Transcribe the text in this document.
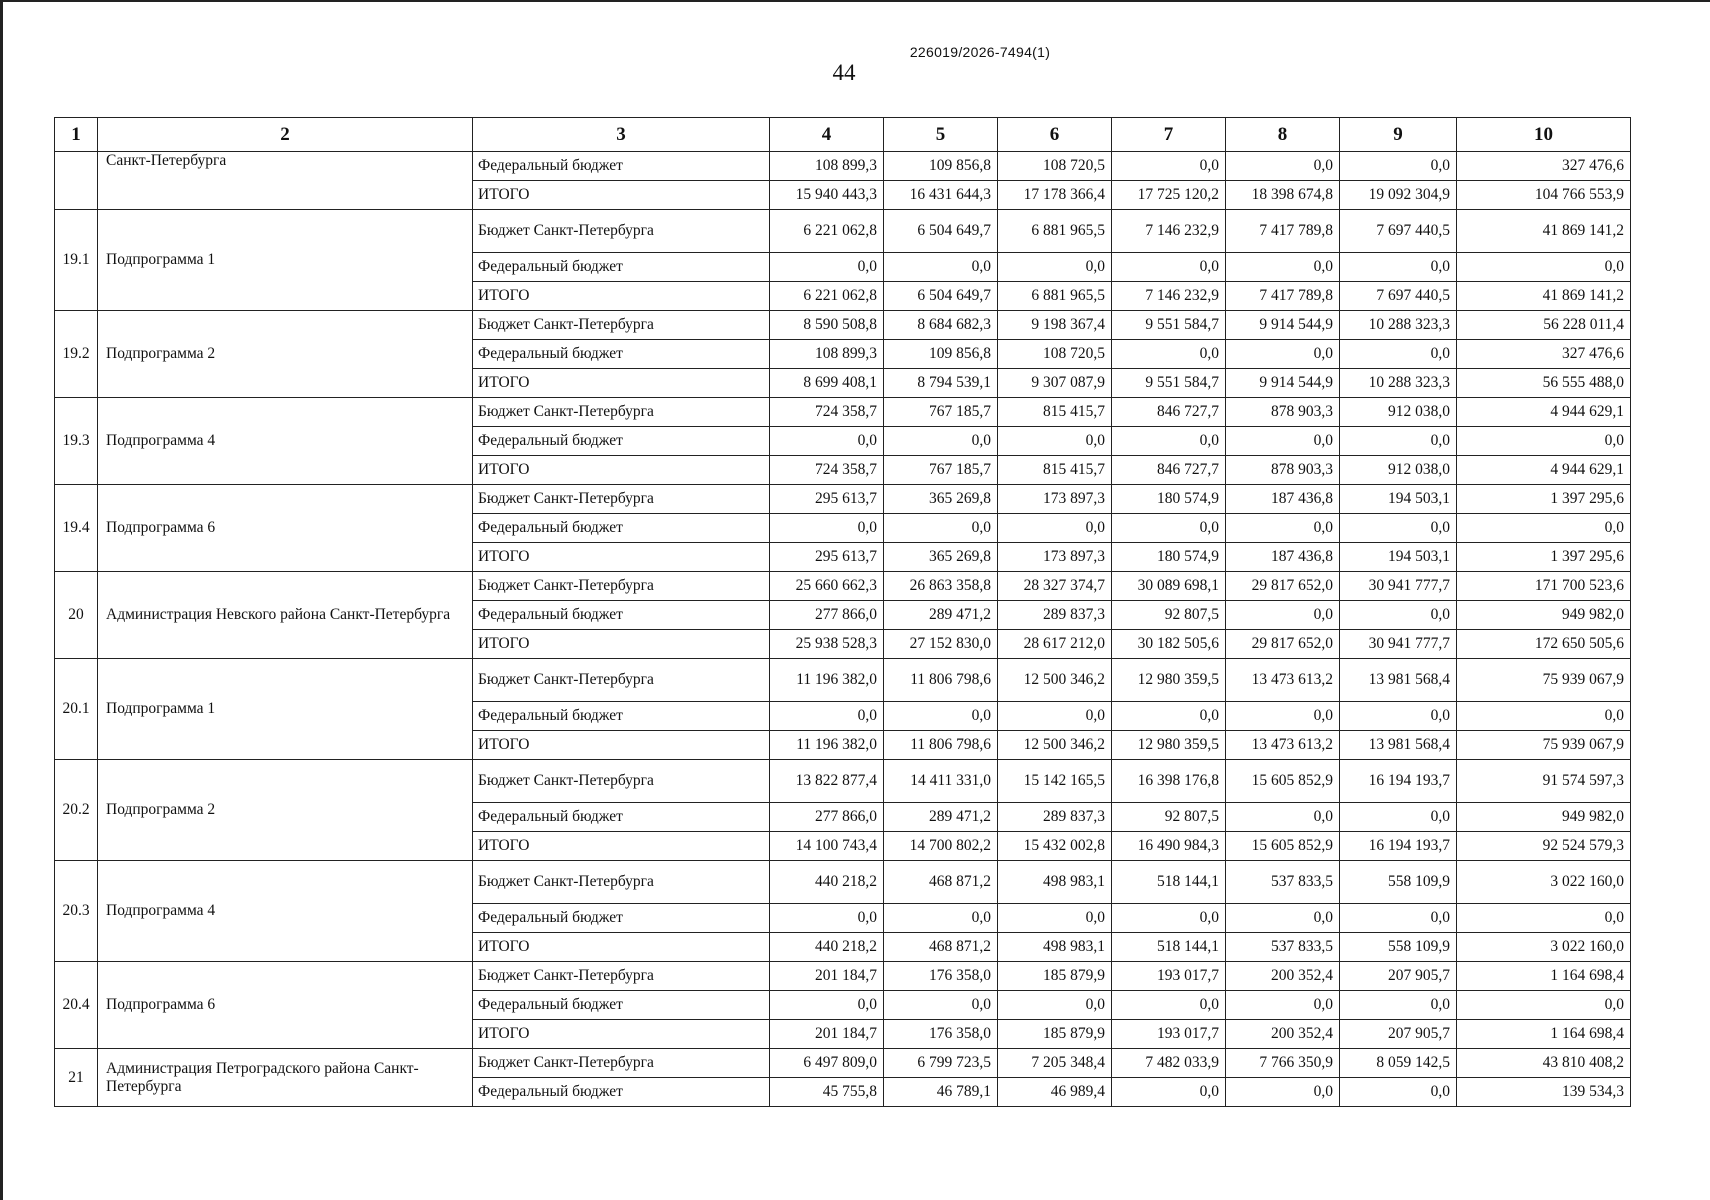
226019/2026-7494(1)
44
1	2	3	4	5	6	7	8	9	10
	Санкт-Петербурга	Федеральный бюджет	108 899,3	109 856,8	108 720,5	0,0	0,0	0,0	327 476,6
		ИТОГО	15 940 443,3	16 431 644,3	17 178 366,4	17 725 120,2	18 398 674,8	19 092 304,9	104 766 553,9
19.1	Подпрограмма 1	Бюджет Санкт-Петербурга	6 221 062,8	6 504 649,7	6 881 965,5	7 146 232,9	7 417 789,8	7 697 440,5	41 869 141,2
		Федеральный бюджет	0,0	0,0	0,0	0,0	0,0	0,0	0,0
		ИТОГО	6 221 062,8	6 504 649,7	6 881 965,5	7 146 232,9	7 417 789,8	7 697 440,5	41 869 141,2
19.2	Подпрограмма 2	Бюджет Санкт-Петербурга	8 590 508,8	8 684 682,3	9 198 367,4	9 551 584,7	9 914 544,9	10 288 323,3	56 228 011,4
		Федеральный бюджет	108 899,3	109 856,8	108 720,5	0,0	0,0	0,0	327 476,6
		ИТОГО	8 699 408,1	8 794 539,1	9 307 087,9	9 551 584,7	9 914 544,9	10 288 323,3	56 555 488,0
19.3	Подпрограмма 4	Бюджет Санкт-Петербурга	724 358,7	767 185,7	815 415,7	846 727,7	878 903,3	912 038,0	4 944 629,1
		Федеральный бюджет	0,0	0,0	0,0	0,0	0,0	0,0	0,0
		ИТОГО	724 358,7	767 185,7	815 415,7	846 727,7	878 903,3	912 038,0	4 944 629,1
19.4	Подпрограмма 6	Бюджет Санкт-Петербурга	295 613,7	365 269,8	173 897,3	180 574,9	187 436,8	194 503,1	1 397 295,6
		Федеральный бюджет	0,0	0,0	0,0	0,0	0,0	0,0	0,0
		ИТОГО	295 613,7	365 269,8	173 897,3	180 574,9	187 436,8	194 503,1	1 397 295,6
20	Администрация Невского района Санкт-Петербурга	Бюджет Санкт-Петербурга	25 660 662,3	26 863 358,8	28 327 374,7	30 089 698,1	29 817 652,0	30 941 777,7	171 700 523,6
		Федеральный бюджет	277 866,0	289 471,2	289 837,3	92 807,5	0,0	0,0	949 982,0
		ИТОГО	25 938 528,3	27 152 830,0	28 617 212,0	30 182 505,6	29 817 652,0	30 941 777,7	172 650 505,6
20.1	Подпрограмма 1	Бюджет Санкт-Петербурга	11 196 382,0	11 806 798,6	12 500 346,2	12 980 359,5	13 473 613,2	13 981 568,4	75 939 067,9
		Федеральный бюджет	0,0	0,0	0,0	0,0	0,0	0,0	0,0
		ИТОГО	11 196 382,0	11 806 798,6	12 500 346,2	12 980 359,5	13 473 613,2	13 981 568,4	75 939 067,9
20.2	Подпрограмма 2	Бюджет Санкт-Петербурга	13 822 877,4	14 411 331,0	15 142 165,5	16 398 176,8	15 605 852,9	16 194 193,7	91 574 597,3
		Федеральный бюджет	277 866,0	289 471,2	289 837,3	92 807,5	0,0	0,0	949 982,0
		ИТОГО	14 100 743,4	14 700 802,2	15 432 002,8	16 490 984,3	15 605 852,9	16 194 193,7	92 524 579,3
20.3	Подпрограмма 4	Бюджет Санкт-Петербурга	440 218,2	468 871,2	498 983,1	518 144,1	537 833,5	558 109,9	3 022 160,0
		Федеральный бюджет	0,0	0,0	0,0	0,0	0,0	0,0	0,0
		ИТОГО	440 218,2	468 871,2	498 983,1	518 144,1	537 833,5	558 109,9	3 022 160,0
20.4	Подпрограмма 6	Бюджет Санкт-Петербурга	201 184,7	176 358,0	185 879,9	193 017,7	200 352,4	207 905,7	1 164 698,4
		Федеральный бюджет	0,0	0,0	0,0	0,0	0,0	0,0	0,0
		ИТОГО	201 184,7	176 358,0	185 879,9	193 017,7	200 352,4	207 905,7	1 164 698,4
21	Администрация Петроградского района Санкт-Петербурга	Бюджет Санкт-Петербурга	6 497 809,0	6 799 723,5	7 205 348,4	7 482 033,9	7 766 350,9	8 059 142,5	43 810 408,2
		Федеральный бюджет	45 755,8	46 789,1	46 989,4	0,0	0,0	0,0	139 534,3
